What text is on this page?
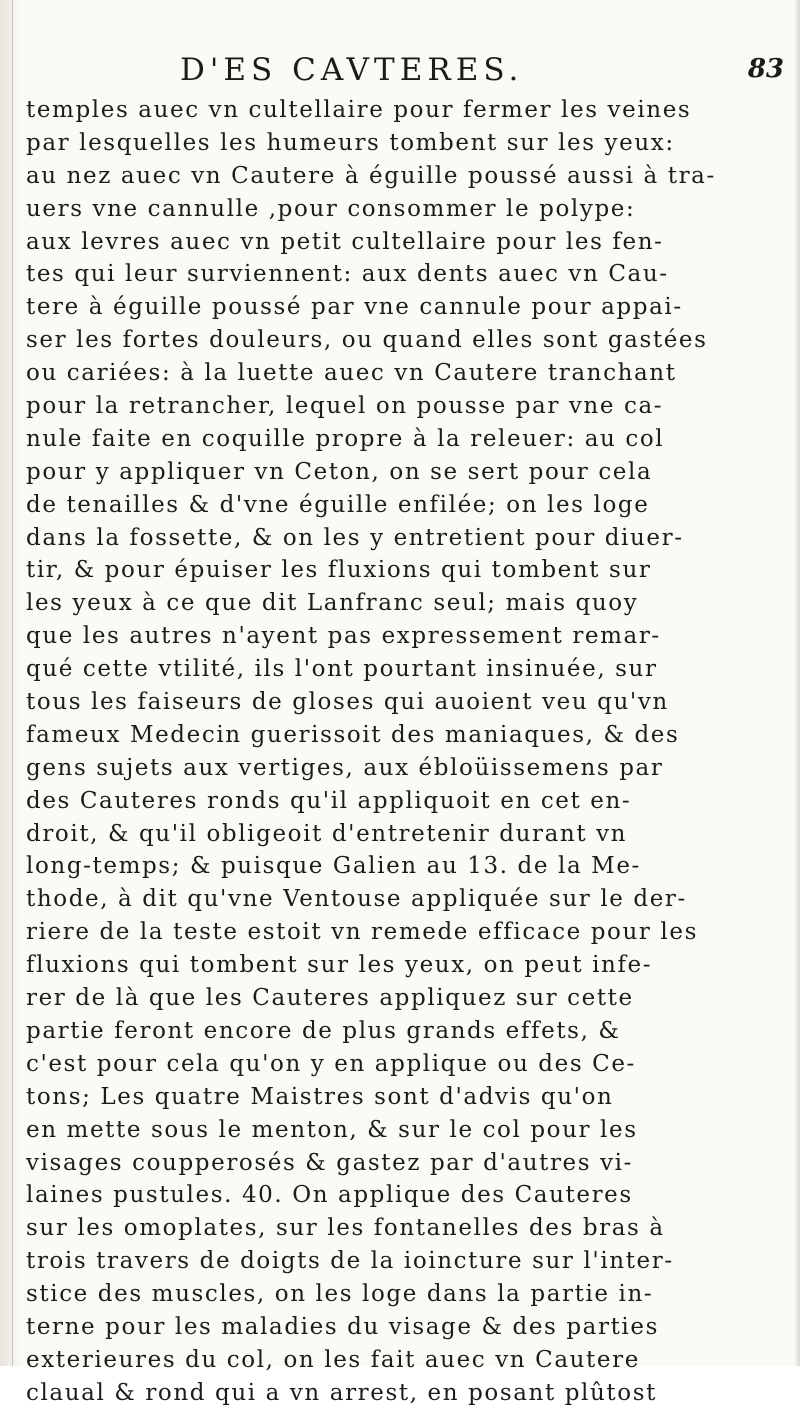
D'ES CAVTERES.	83
temples auec vn cultellaire pour fermer les veines
par lesquelles les humeurs tombent sur les yeux:
au nez auec vn Cautere à éguille poussé aussi à tra-
uers vne cannulle ,pour consommer le polype:
aux levres auec vn petit cultellaire pour les fen-
tes qui leur surviennent: aux dents auec vn Cau-
tere à éguille poussé par vne cannule pour appai-
ser les fortes douleurs, ou quand elles sont gastées
ou cariées: à la luette auec vn Cautere tranchant
pour la retrancher, lequel on pousse par vne ca-
nule faite en coquille propre à la releuer: au col
pour y appliquer vn Ceton, on se sert pour cela
de tenailles & d'vne éguille enfilée; on les loge
dans la fossette, & on les y entretient pour diuer-
tir, & pour épuiser les fluxions qui tombent sur
les yeux à ce que dit Lanfranc seul; mais quoy
que les autres n'ayent pas expressement remar-
qué cette vtilité, ils l'ont pourtant insinuée, sur
tous les faiseurs de gloses qui auoient veu qu'vn
fameux Medecin guerissoit des maniaques, & des
gens sujets aux vertiges, aux ébloüissemens par
des Cauteres ronds qu'il appliquoit en cet en-
droit, & qu'il obligeoit d'entretenir durant vn
long-temps; & puisque Galien au 13. de la Me-
thode, à dit qu'vne Ventouse appliquée sur le der-
riere de la teste estoit vn remede efficace pour les
fluxions qui tombent sur les yeux, on peut infe-
rer de là que les Cauteres appliquez sur cette
partie feront encore de plus grands effets, &
c'est pour cela qu'on y en applique ou des Ce-
tons; Les quatre Maistres sont d'advis qu'on
en mette sous le menton, & sur le col pour les
visages coupperosés & gastez par d'autres vi-
laines pustules. 40. On applique des Cauteres
sur les omoplates, sur les fontanelles des bras à
trois travers de doigts de la ioincture sur l'inter-
stice des muscles, on les loge dans la partie in-
terne pour les maladies du visage & des parties
exterieures du col, on les fait auec vn Cautere
claual & rond qui a vn arrest, en posant plûtost
